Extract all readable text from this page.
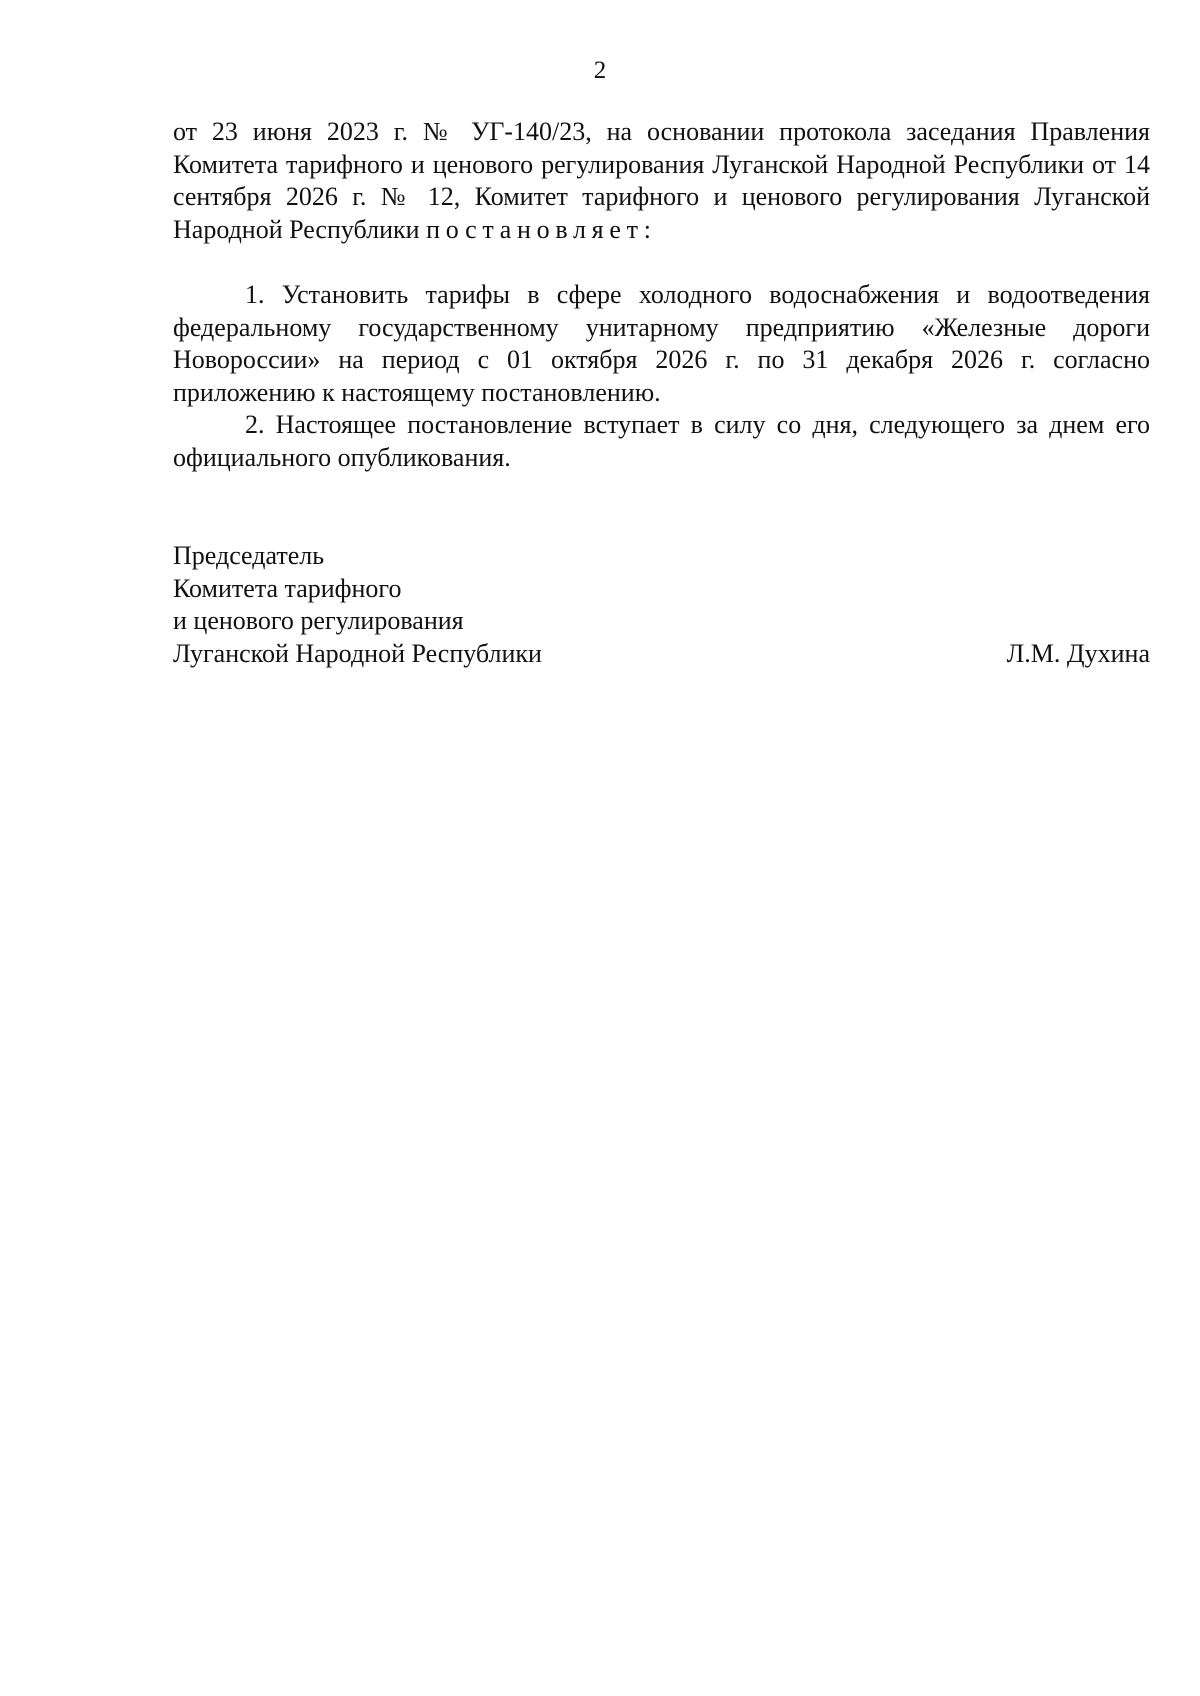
2

от 23 июня 2023 г. № УГ-140/23, на основании протокола заседания Правления Комитета тарифного и ценового регулирования Луганской Народной Республики от 14 сентября 2026 г. № 12, Комитет тарифного и ценового регулирования Луганской Народной Республики постановляет:

1. Установить тарифы в сфере холодного водоснабжения и водоотведения федеральному государственному унитарному предприятию «Железные дороги Новороссии» на период с 01 октября 2026 г. по 31 декабря 2026 г. согласно приложению к настоящему постановлению.

2. Настоящее постановление вступает в силу со дня, следующего за днем его официального опубликования.

Председатель
Комитета тарифного
и ценового регулирования
Луганской Народной Республики	Л.М. Духина
